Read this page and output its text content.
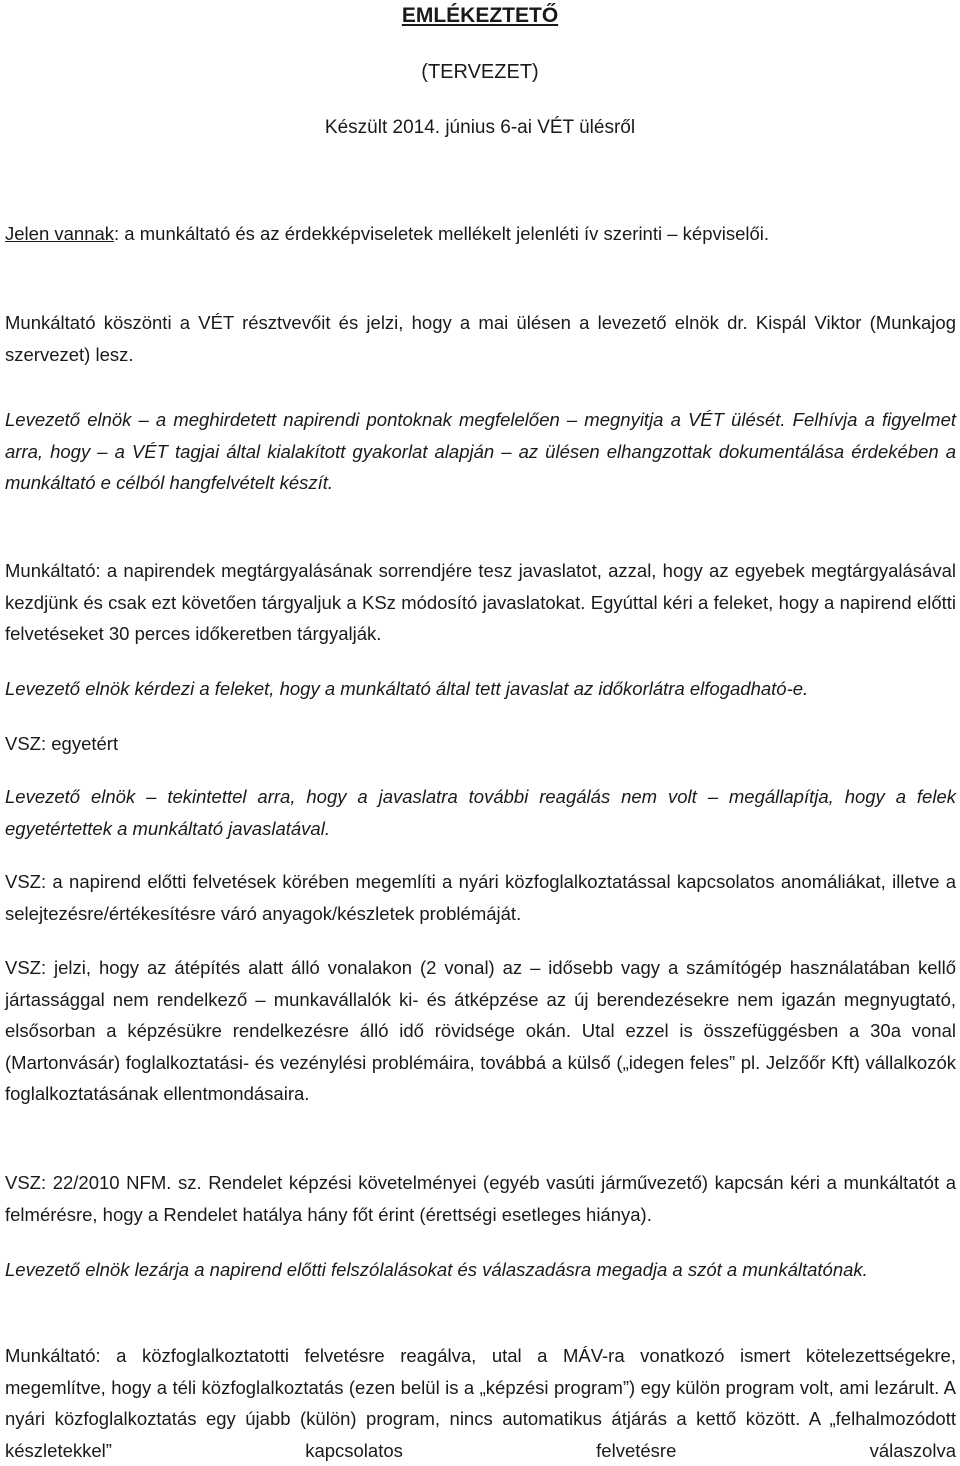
EMLÉKEZTETŐ
(TERVEZET)
Készült 2014. június 6-ai VÉT ülésről
Jelen vannak: a munkáltató és az érdekképviseletek mellékelt jelenléti ív szerinti – képviselői.
Munkáltató köszönti a VÉT résztvevőit és jelzi, hogy a mai ülésen a levezető elnök dr. Kispál Viktor (Munkajog szervezet) lesz.
Levezető elnök – a meghirdetett napirendi pontoknak megfelelően – megnyitja a VÉT ülését. Felhívja a figyelmet arra, hogy – a VÉT tagjai által kialakított gyakorlat alapján – az ülésen elhangzottak dokumentálása érdekében a munkáltató e célból hangfelvételt készít.
Munkáltató: a napirendek megtárgyalásának sorrendjére tesz javaslatot, azzal, hogy az egyebek megtárgyalásával kezdjünk és csak ezt követően tárgyaljuk a KSz módosító javaslatokat. Egyúttal kéri a feleket, hogy a napirend előtti felvetéseket 30 perces időkeretben tárgyalják.
Levezető elnök kérdezi a feleket, hogy a munkáltató által tett javaslat az időkorlátra elfogadható-e.
VSZ: egyetért
Levezető elnök – tekintettel arra, hogy a javaslatra további reagálás nem volt – megállapítja, hogy a felek egyetértettek a munkáltató javaslatával.
VSZ: a napirend előtti felvetések körében megemlíti a nyári közfoglalkoztatással kapcsolatos anomáliákat, illetve a selejtezésre/értékesítésre váró anyagok/készletek problémáját.
VSZ: jelzi, hogy az átépítés alatt álló vonalakon (2 vonal) az – idősebb vagy a számítógép használatában kellő jártassággal nem rendelkező – munkavállalók ki- és átképzése az új berendezésekre nem igazán megnyugtató, elsősorban a képzésükre rendelkezésre álló idő rövidsége okán. Utal ezzel is összefüggésben a 30a vonal (Martonvásár) foglalkoztatási- és vezénylési problémáira, továbbá a külső („idegen feles” pl. Jelzőőr Kft) vállalkozók foglalkoztatásának ellentmondásaira.
VSZ: 22/2010 NFM. sz. Rendelet képzési követelményei (egyéb vasúti járművezető) kapcsán kéri a munkáltatót a felmérésre, hogy a Rendelet hatálya hány főt érint (érettségi esetleges hiánya).
Levezető elnök lezárja a napirend előtti felszólalásokat és válaszadásra megadja a szót a munkáltatónak.
Munkáltató: a közfoglalkoztatotti felvetésre reagálva, utal a MÁV-ra vonatkozó ismert kötelezettségekre, megemlítve, hogy a téli közfoglalkoztatás (ezen belül is a „képzési program”) egy külön program volt, ami lezárult. A nyári közfoglalkoztatás egy újabb (külön) program, nincs automatikus átjárás a kettő között. A „felhalmozódott készletekkel” kapcsolatos felvetésre válaszolva
